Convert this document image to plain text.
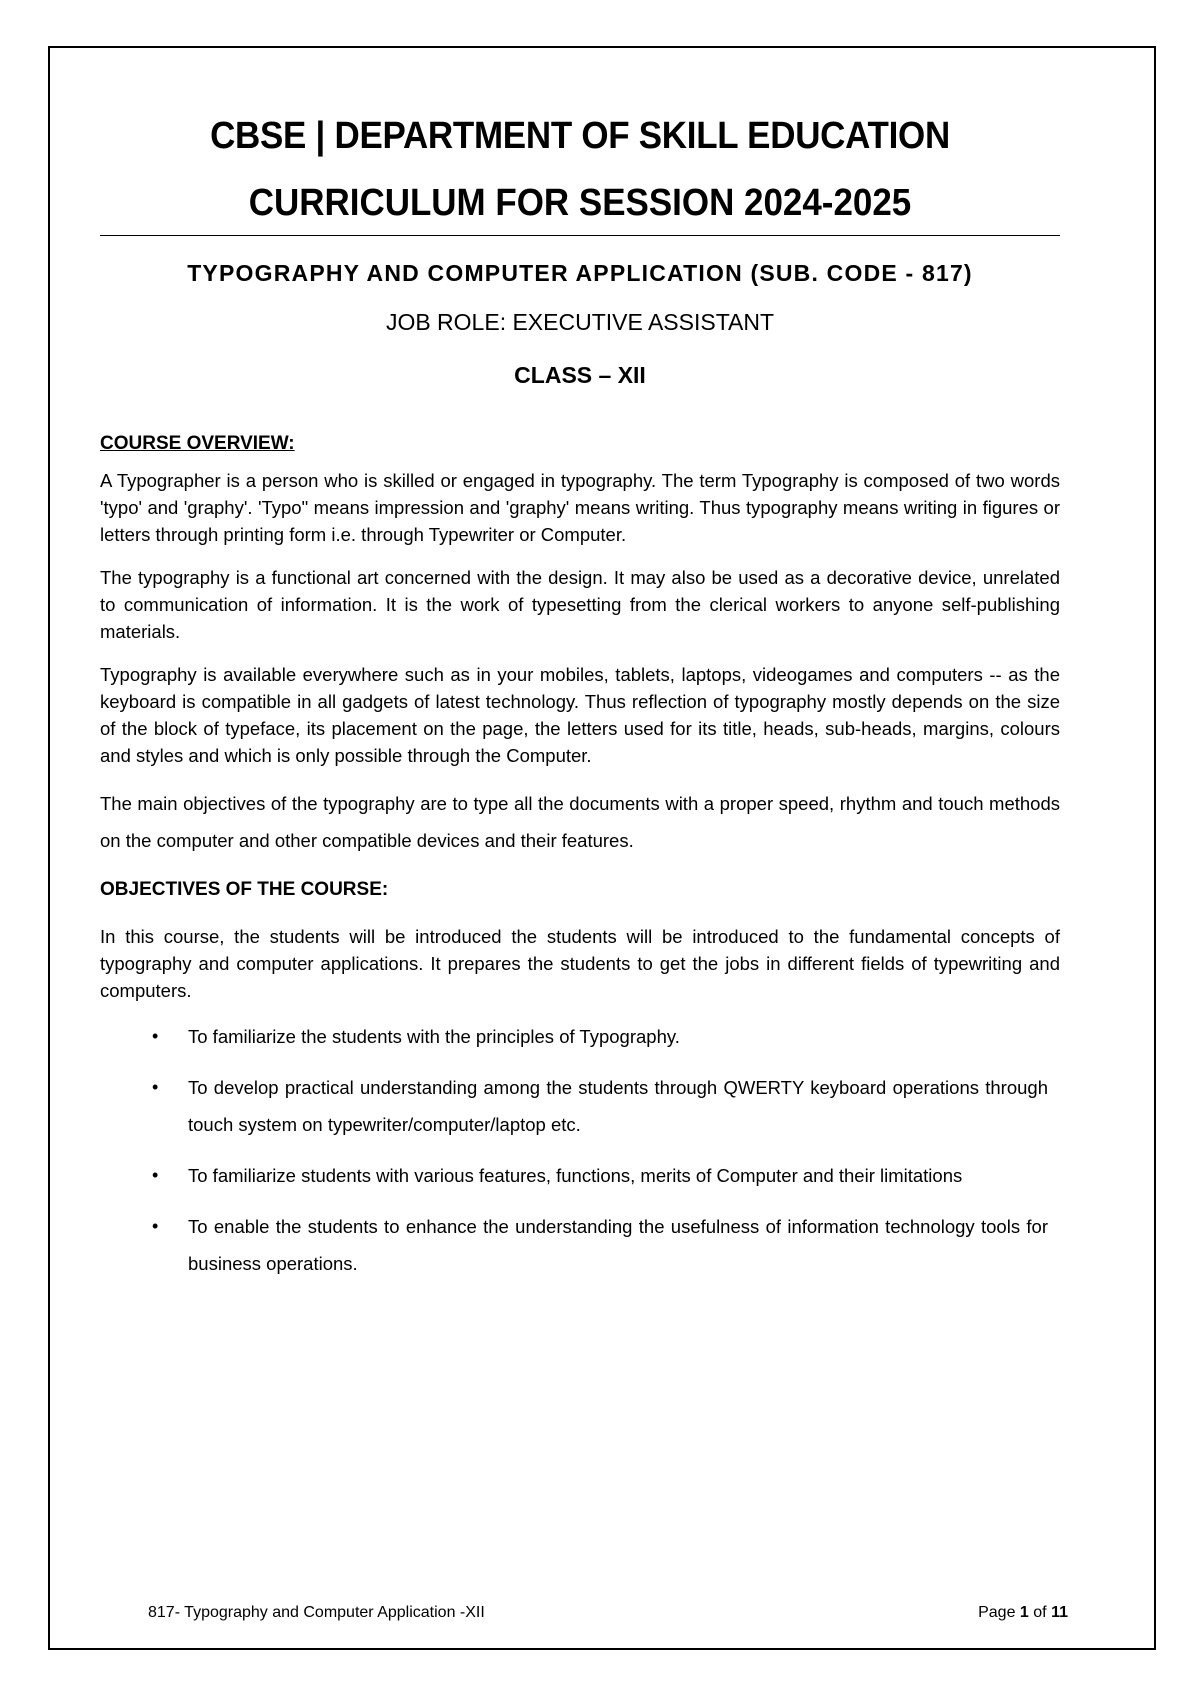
CBSE | DEPARTMENT OF SKILL EDUCATION
CURRICULUM FOR SESSION 2024-2025
TYPOGRAPHY AND COMPUTER APPLICATION (SUB. CODE - 817)
JOB ROLE: EXECUTIVE ASSISTANT
CLASS – XII
COURSE OVERVIEW:

A Typographer is a person who is skilled or engaged in typography. The term Typography is composed of two words 'typo' and 'graphy'. 'Typo" means impression and 'graphy' means writing. Thus typography means writing in figures or letters through printing form i.e. through Typewriter or Computer.

The typography is a functional art concerned with the design. It may also be used as a decorative device, unrelated to communication of information. It is the work of typesetting from the clerical workers to anyone self-publishing materials.

Typography is available everywhere such as in your mobiles, tablets, laptops, videogames and computers -- as the keyboard is compatible in all gadgets of latest technology. Thus reflection of typography mostly depends on the size of the block of typeface, its placement on the page, the letters used for its title, heads, sub-heads, margins, colours and styles and which is only possible through the Computer.

The main objectives of the typography are to type all the documents with a proper speed, rhythm and touch methods on the computer and other compatible devices and their features.

OBJECTIVES OF THE COURSE:

In this course, the students will be introduced the students will be introduced to the fundamental concepts of typography and computer applications. It prepares the students to get the jobs in different fields of typewriting and computers.

• To familiarize the students with the principles of Typography.
• To develop practical understanding among the students through QWERTY keyboard operations through touch system on typewriter/computer/laptop etc.
• To familiarize students with various features, functions, merits of Computer and their limitations
• To enable the students to enhance the understanding the usefulness of information technology tools for business operations.
817- Typography and Computer Application -XII	Page 1 of 11
